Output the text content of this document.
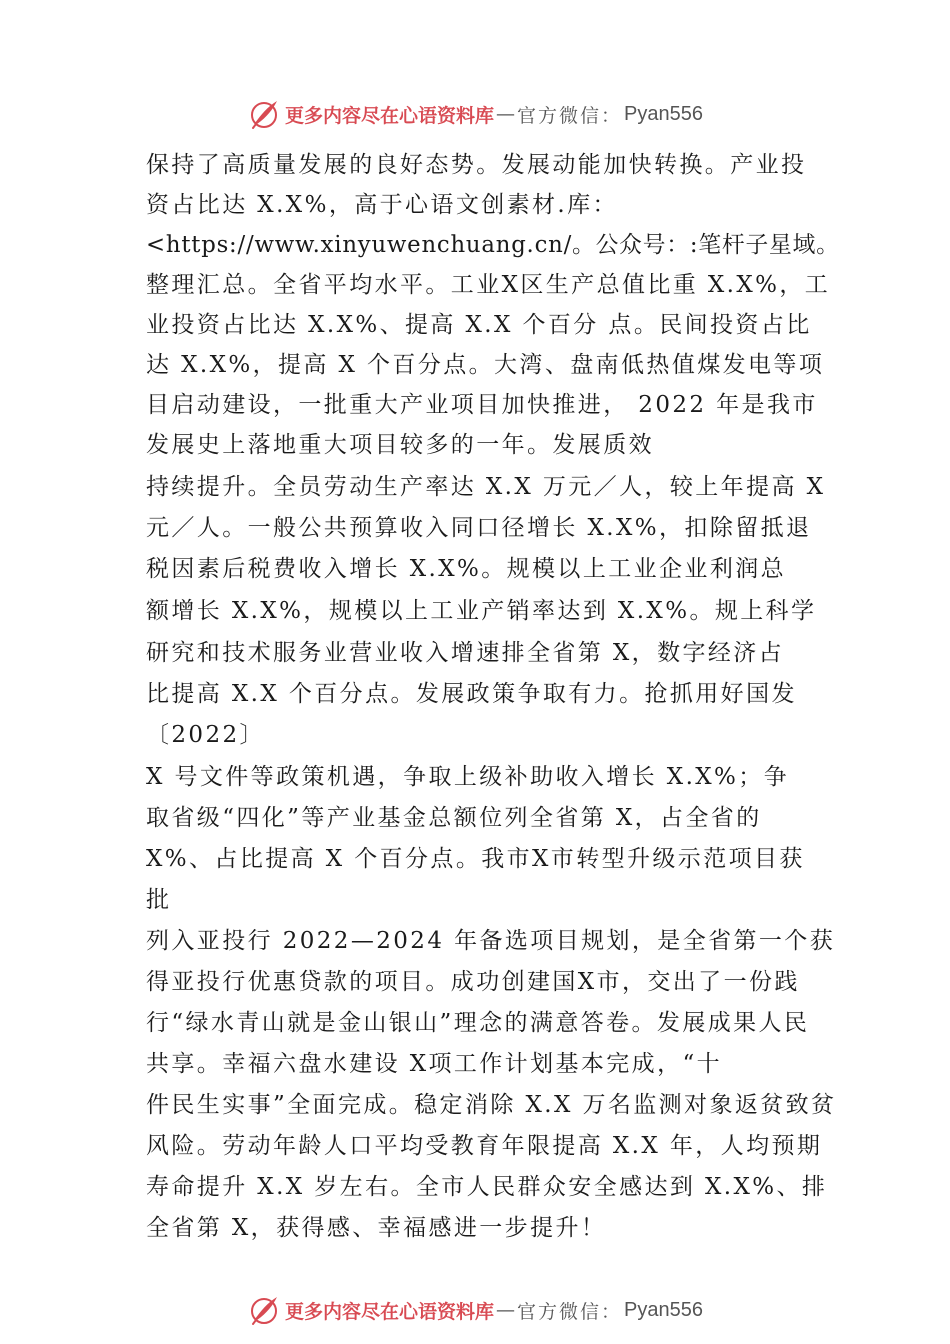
更多内容尽在心语资料库 — 官方微信： Pyan556
保持了高质量发展的良好态势。发展动能加快转换。产业投
资占比达 X.X%，高于心语文创素材.库：
<https://www.xinyuwenchuang.cn/。公众号：:笔杆子星域。
整理汇总。全省平均水平。工业X区生产总值比重 X.X%，工
业投资占比达 X.X%、提高 X.X 个百分 点。民间投资占比
达 X.X%，提高 X 个百分点。大湾、盘南低热值煤发电等项
目启动建设，一批重大产业项目加快推进， 2022 年是我市
发展史上落地重大项目较多的一年。发展质效
持续提升。全员劳动生产率达 X.X 万元／人，较上年提高 X
元／人。一般公共预算收入同口径增长 X.X%，扣除留抵退
税因素后税费收入增长 X.X%。规模以上工业企业利润总
额增长 X.X%，规模以上工业产销率达到 X.X%。规上科学
研究和技术服务业营业收入增速排全省第 X，数字经济占
比提高 X.X 个百分点。发展政策争取有力。抢抓用好国发
〔2022〕
X 号文件等政策机遇，争取上级补助收入增长 X.X%；争
取省级“四化”等产业基金总额位列全省第 X，占全省的
X%、占比提高 X 个百分点。我市X市转型升级示范项目获
批
列入亚投行 2022—2024 年备选项目规划，是全省第一个获
得亚投行优惠贷款的项目。成功创建国X市，交出了一份践
行“绿水青山就是金山银山”理念的满意答卷。发展成果人民
共享。幸福六盘水建设 X项工作计划基本完成，“十
件民生实事”全面完成。稳定消除 X.X 万名监测对象返贫致贫
风险。劳动年龄人口平均受教育年限提高 X.X 年，人均预期
寿命提升 X.X 岁左右。全市人民群众安全感达到 X.X%、排
全省第 X，获得感、幸福感进一步提升！
更多内容尽在心语资料库 — 官方微信： Pyan556
